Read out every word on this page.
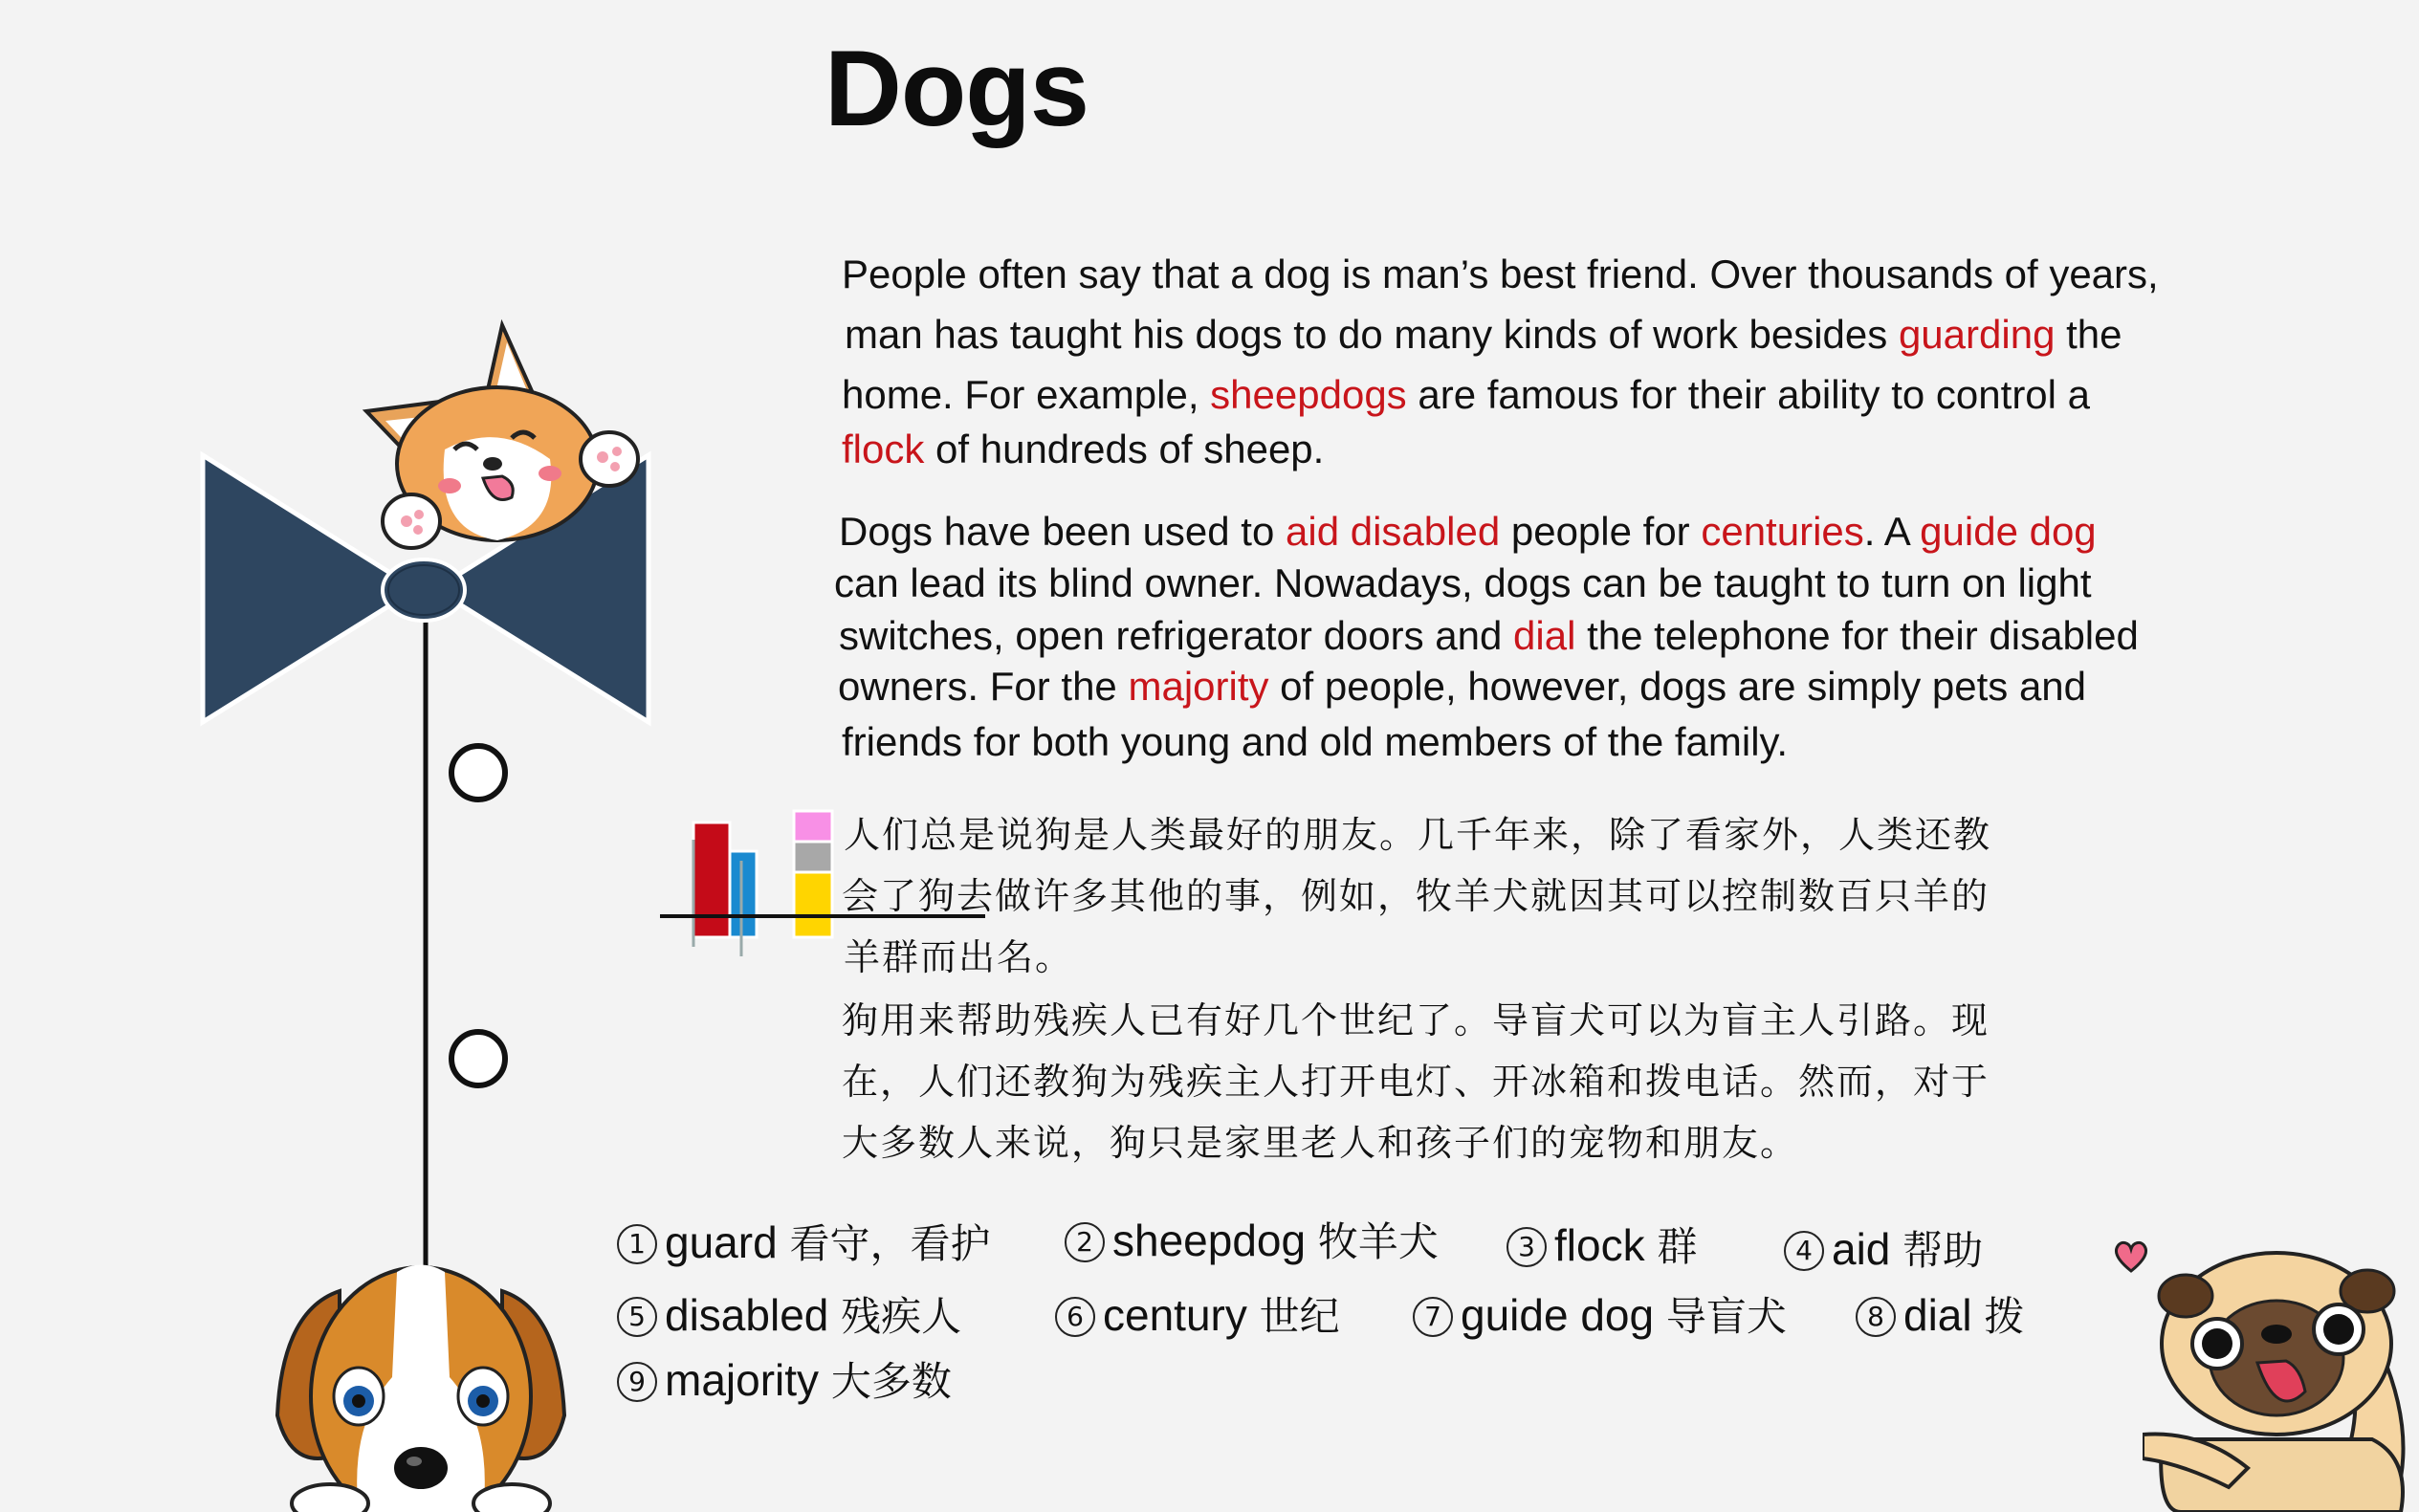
Dogs
People often say that a dog is man’s best friend. Over thousands of years,
man has taught his dogs to do many kinds of work besides guarding the
home. For example, sheepdogs are famous for their ability to control a
flock of hundreds of sheep.
Dogs have been used to aid disabled people for centuries. A guide dog
can lead its blind owner. Nowadays, dogs can be taught to turn on light
switches, open refrigerator doors and dial the telephone for their disabled
owners. For the majority of people, however, dogs are simply pets and
friends for both young and old members of the family.
人们总是说狗是人类最好的朋友。几千年来，除了看家外，人类还教
会了狗去做许多其他的事，例如，牧羊犬就因其可以控制数百只羊的
羊群而出名。
狗用来帮助残疾人已有好几个世纪了。导盲犬可以为盲主人引路。现
在，人们还教狗为残疾主人打开电灯、开冰箱和拨电话。然而，对于
大多数人来说，狗只是家里老人和孩子们的宠物和朋友。
1 guard 看守，看护	2 sheepdog 牧羊犬	3 flock 群	4 aid 帮助
5 disabled 残疾人	6 century 世纪	7 guide dog 导盲犬	8 dial 拨
9 majority 大多数
